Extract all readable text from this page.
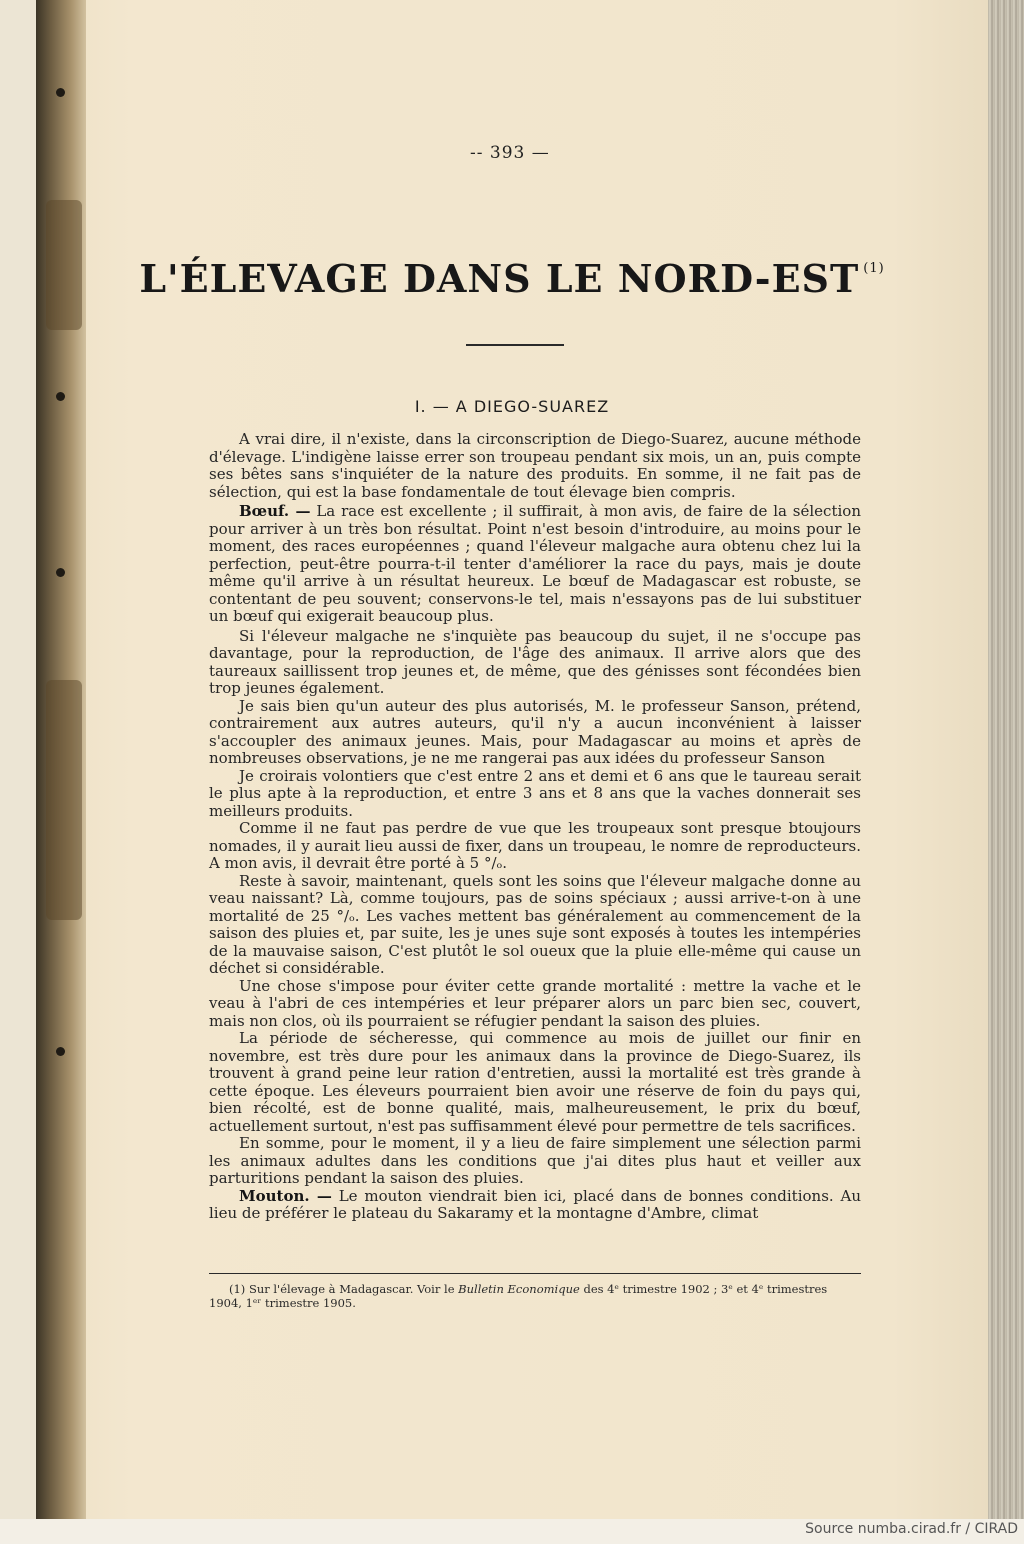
-- 393 —
L'ÉLEVAGE DANS LE NORD-EST $^{(1)}$
I. — A DIEGO-SUAREZ

A vrai dire, il n'existe, dans la circonscription de Diego-Suarez, aucune méthode d'élevage. L'indigène laisse errer son troupeau pendant six mois, un an, puis compte ses bêtes sans s'inquiéter de la nature des produits. En somme, il ne fait pas de sélection, qui est la base fondamentale de tout élevage bien compris.

Bœuf. — La race est excellente ; il suffirait, à mon avis, de faire de la sélection pour arriver à un très bon résultat. Point n'est besoin d'introduire, au moins pour le moment, des races européennes ; quand l'éleveur malgache aura obtenu chez lui la perfection, peut-être pourra-t-il tenter d'améliorer la race du pays, mais je doute même qu'il arrive à un résultat heureux. Le bœuf de Madagascar est robuste, se contentant de peu souvent; conservons-le tel, mais n'essayons pas de lui substituer un bœuf qui exigerait beaucoup plus.

Si l'éleveur malgache ne s'inquiète pas beaucoup du sujet, il ne s'occupe pas davantage, pour la reproduction, de l'âge des animaux. Il arrive alors que des taureaux saillissent trop jeunes et, de même, que des génisses sont fécondées bien trop jeunes également.

Je sais bien qu'un auteur des plus autorisés, M. le professeur Sanson, prétend, contrairement aux autres auteurs, qu'il n'y a aucun inconvénient à laisser s'accoupler des animaux jeunes. Mais, pour Madagascar au moins et après de nombreuses observations, je ne me rangerai pas aux idées du professeur Sanson

Je croirais volontiers que c'est entre 2 ans et demi et 6 ans que le taureau serait le plus apte à la reproduction, et entre 3 ans et 8 ans que la vaches donnerait ses meilleurs produits.

Comme il ne faut pas perdre de vue que les troupeaux sont presque btoujours nomades, il y aurait lieu aussi de fixer, dans un troupeau, le nomre de reproducteurs. A mon avis, il devrait être porté à 5 °/ₒ.

Reste à savoir, maintenant, quels sont les soins que l'éleveur malgache donne au veau naissant? Là, comme toujours, pas de soins spéciaux ; aussi arrive-t-on à une mortalité de 25 °/ₒ. Les vaches mettent bas généralement au commencement de la saison des pluies et, par suite, les je unes suje sont exposés à toutes les intempéries de la mauvaise saison, C'est plutôt le sol oueux que la pluie elle-même qui cause un déchet si considérable.

Une chose s'impose pour éviter cette grande mortalité : mettre la vache et le veau à l'abri de ces intempéries et leur préparer alors un parc bien sec, couvert, mais non clos, où ils pourraient se réfugier pendant la saison des pluies.

La période de sécheresse, qui commence au mois de juillet our finir en novembre, est très dure pour les animaux dans la province de Diego-Suarez, ils trouvent à grand peine leur ration d'entretien, aussi la mortalité est très grande à cette époque. Les éleveurs pourraient bien avoir une réserve de foin du pays qui, bien récolté, est de bonne qualité, mais, malheureusement, le prix du bœuf, actuellement surtout, n'est pas suffisamment élevé pour permettre de tels sacrifices.

En somme, pour le moment, il y a lieu de faire simplement une sélection parmi les animaux adultes dans les conditions que j'ai dites plus haut et veiller aux parturitions pendant la saison des pluies.

Mouton. — Le mouton viendrait bien ici, placé dans de bonnes conditions. Au lieu de préférer le plateau du Sakaramy et la montagne d'Ambre, climat

(1) Sur l'élevage à Madagascar. Voir le Bulletin Economique des 4ᵉ trimestre 1902 ; 3ᵉ et 4ᵉ trimestres 1904, 1ᵉʳ trimestre 1905.
Source numba.cirad.fr / CIRAD
